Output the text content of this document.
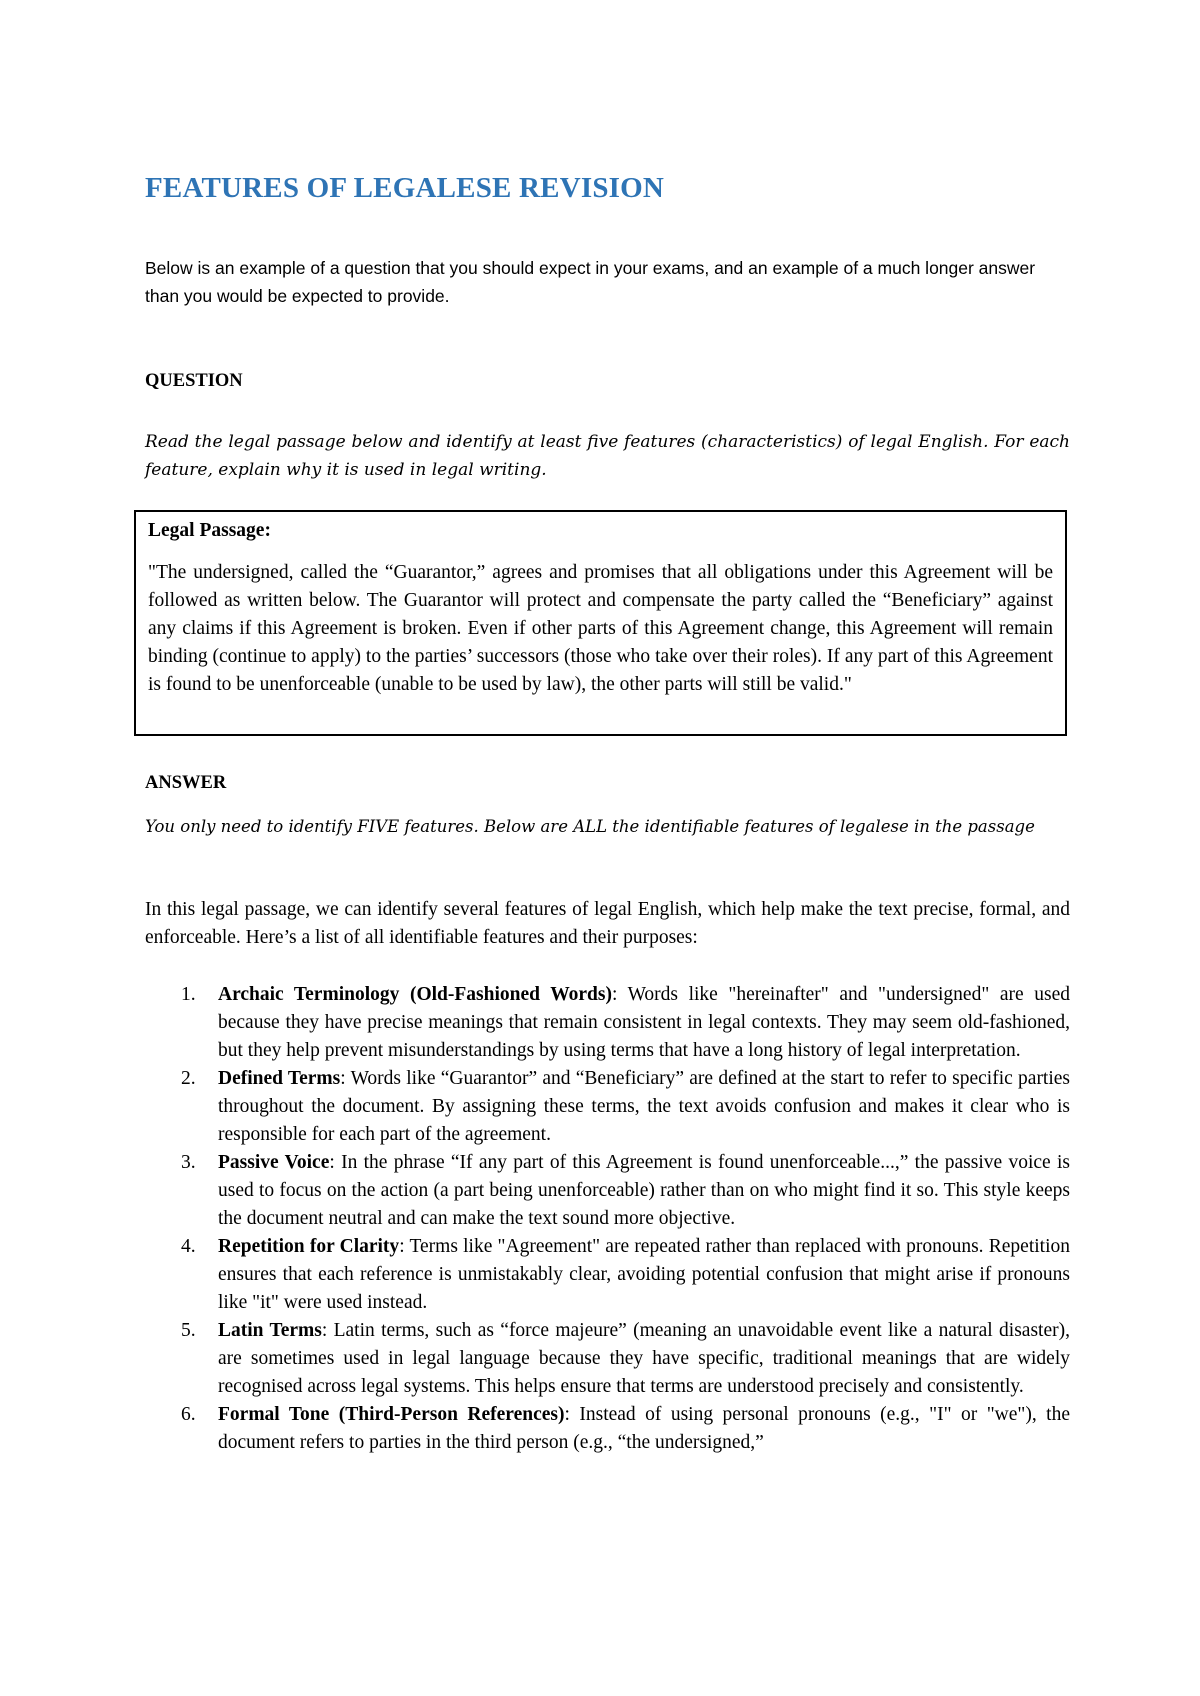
FEATURES OF LEGALESE REVISION

Below is an example of a question that you should expect in your exams, and an example of a much longer answer than you would be expected to provide.

QUESTION

Read the legal passage below and identify at least five features (characteristics) of legal English. For each feature, explain why it is used in legal writing.

Legal Passage:

"The undersigned, called the “Guarantor,” agrees and promises that all obligations under this Agreement will be followed as written below. The Guarantor will protect and compensate the party called the “Beneficiary” against any claims if this Agreement is broken. Even if other parts of this Agreement change, this Agreement will remain binding (continue to apply) to the parties’ successors (those who take over their roles). If any part of this Agreement is found to be unenforceable (unable to be used by law), the other parts will still be valid."

ANSWER

You only need to identify FIVE features. Below are ALL the identifiable features of legalese in the passage

In this legal passage, we can identify several features of legal English, which help make the text precise, formal, and enforceable. Here’s a list of all identifiable features and their purposes:

1. Archaic Terminology (Old-Fashioned Words): Words like "hereinafter" and "undersigned" are used because they have precise meanings that remain consistent in legal contexts. They may seem old-fashioned, but they help prevent misunderstandings by using terms that have a long history of legal interpretation.
2. Defined Terms: Words like “Guarantor” and “Beneficiary” are defined at the start to refer to specific parties throughout the document. By assigning these terms, the text avoids confusion and makes it clear who is responsible for each part of the agreement.
3. Passive Voice: In the phrase “If any part of this Agreement is found unenforceable...,” the passive voice is used to focus on the action (a part being unenforceable) rather than on who might find it so. This style keeps the document neutral and can make the text sound more objective.
4. Repetition for Clarity: Terms like "Agreement" are repeated rather than replaced with pronouns. Repetition ensures that each reference is unmistakably clear, avoiding potential confusion that might arise if pronouns like "it" were used instead.
5. Latin Terms: Latin terms, such as “force majeure” (meaning an unavoidable event like a natural disaster), are sometimes used in legal language because they have specific, traditional meanings that are widely recognised across legal systems. This helps ensure that terms are understood precisely and consistently.
6. Formal Tone (Third-Person References): Instead of using personal pronouns (e.g., "I" or "we"), the document refers to parties in the third person (e.g., “the undersigned,”
